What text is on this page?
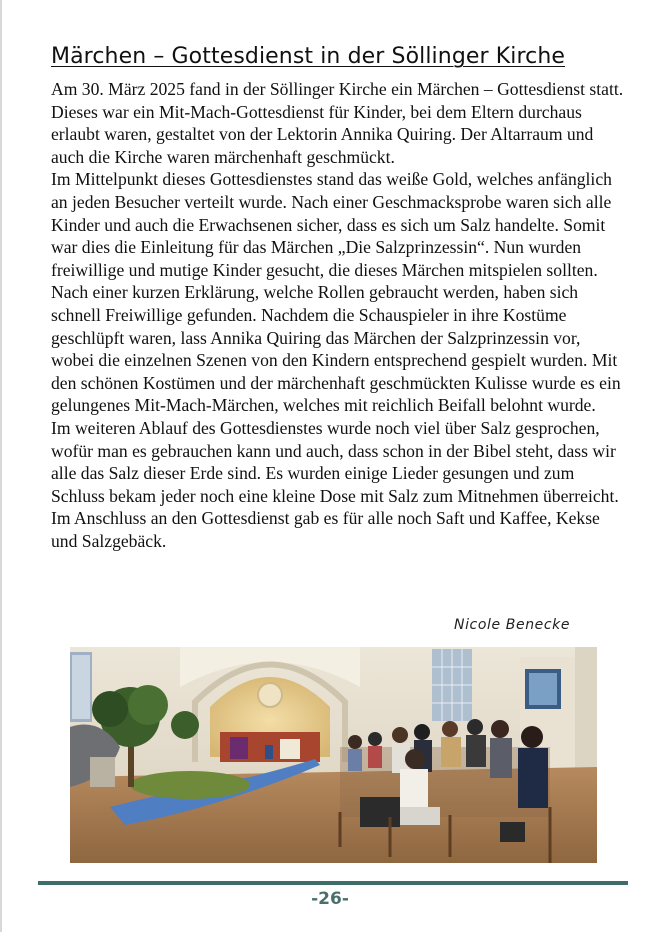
Märchen – Gottesdienst in der Söllinger Kirche

Am 30. März 2025 fand in der Söllinger Kirche ein Märchen – Gottesdienst statt. Dieses war ein Mit-Mach-Gottesdienst für Kinder, bei dem Eltern durchaus erlaubt waren, gestaltet von der Lektorin Annika Quiring. Der Altarraum und auch die Kirche waren märchenhaft geschmückt.

Im Mittelpunkt dieses Gottesdienstes stand das weiße Gold, welches anfänglich an jeden Besucher verteilt wurde. Nach einer Geschmacksprobe waren sich alle Kinder und auch die Erwachsenen sicher, dass es sich um Salz handelte. Somit war dies die Einleitung für das Märchen „Die Salzprinzessin“. Nun wurden freiwillige und mutige Kinder gesucht, die dieses Märchen mitspielen sollten. Nach einer kurzen Erklärung, welche Rollen gebraucht werden, haben sich schnell Freiwillige gefunden. Nachdem die Schauspieler in ihre Kostüme geschlüpft waren, lass Annika Quiring das Märchen der Salzprinzessin vor, wobei die einzelnen Szenen von den Kindern entsprechend gespielt wurden. Mit den schönen Kostümen und der märchenhaft geschmückten Kulisse wurde es ein gelungenes Mit-Mach-Märchen, welches mit reichlich Beifall belohnt wurde.

Im weiteren Ablauf des Gottesdienstes wurde noch viel über Salz gesprochen, wofür man es gebrauchen kann und auch, dass schon in der Bibel steht, dass wir alle das Salz dieser Erde sind. Es wurden einige Lieder gesungen und zum Schluss bekam jeder noch eine kleine Dose mit Salz zum Mitnehmen überreicht.

Im Anschluss an den Gottesdienst gab es für alle noch Saft und Kaffee, Kekse und Salzgebäck.

Nicole Benecke
-26-
